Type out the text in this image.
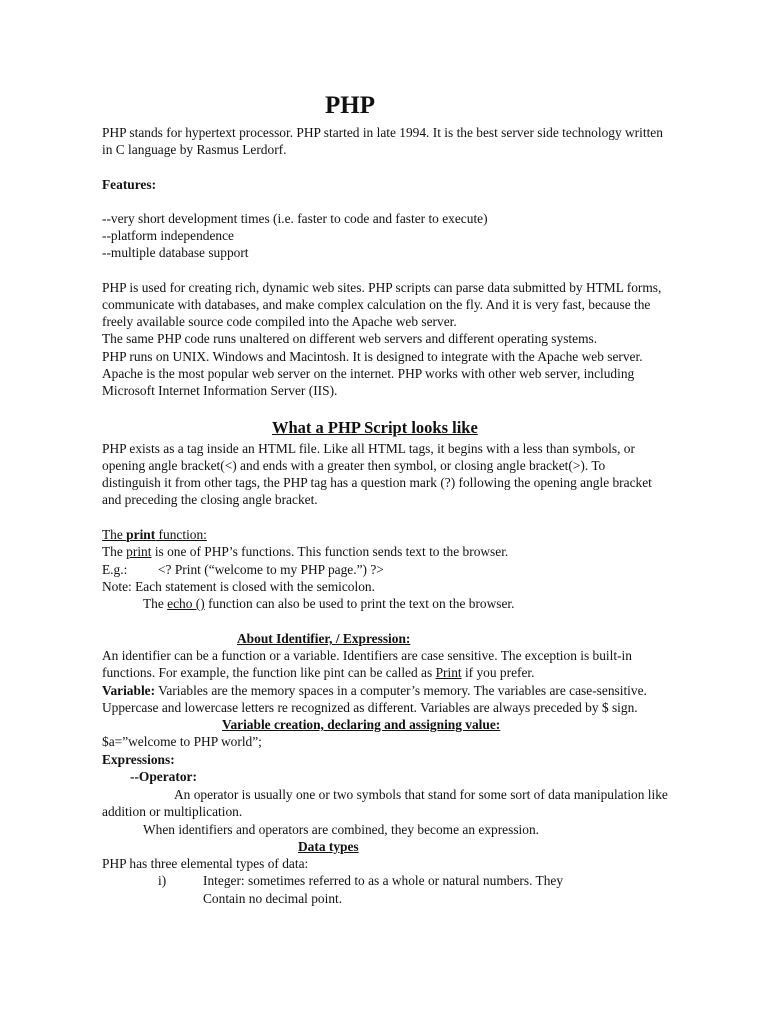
PHP
PHP stands for hypertext processor. PHP started in late 1994. It is the best server side technology written
in C language by Rasmus Lerdorf.
Features:
--very short development times (i.e. faster to code and faster to execute)
--platform independence
--multiple database support
PHP is used for creating rich, dynamic web sites. PHP scripts can parse data submitted by HTML forms,
communicate with databases, and make complex calculation on the fly. And it is very fast, because the
freely available source code compiled into the Apache web server.
The same PHP code runs unaltered on different web servers and different operating systems.
PHP runs on UNIX. Windows and Macintosh. It is designed to integrate with the Apache web server.
Apache is the most popular web server on the internet. PHP works with other web server, including
Microsoft Internet Information Server (IIS).
What a PHP Script looks like
PHP exists as a tag inside an HTML file. Like all HTML tags, it begins with a less than symbols, or
opening angle bracket(<) and ends with a greater then symbol, or closing angle bracket(>). To
distinguish it from other tags, the PHP tag has a question mark (?) following the opening angle bracket
and preceding the closing angle bracket.
The print function:
The print is one of PHP’s functions. This function sends text to the browser.
E.g.: <? Print (“welcome to my PHP page.”) ?>
Note: Each statement is closed with the semicolon.
The echo () function can also be used to print the text on the browser.
About Identifier, / Expression:
An identifier can be a function or a variable. Identifiers are case sensitive. The exception is built-in
functions. For example, the function like pint can be called as Print if you prefer.
Variable: Variables are the memory spaces in a computer’s memory. The variables are case-sensitive.
Uppercase and lowercase letters re recognized as different. Variables are always preceded by $ sign.
Variable creation, declaring and assigning value:
$a=”welcome to PHP world”;
Expressions:
--Operator:
An operator is usually one or two symbols that stand for some sort of data manipulation like
addition or multiplication.
When identifiers and operators are combined, they become an expression.
Data types
PHP has three elemental types of data:
i)	Integer: sometimes referred to as a whole or natural numbers. They
Contain no decimal point.
